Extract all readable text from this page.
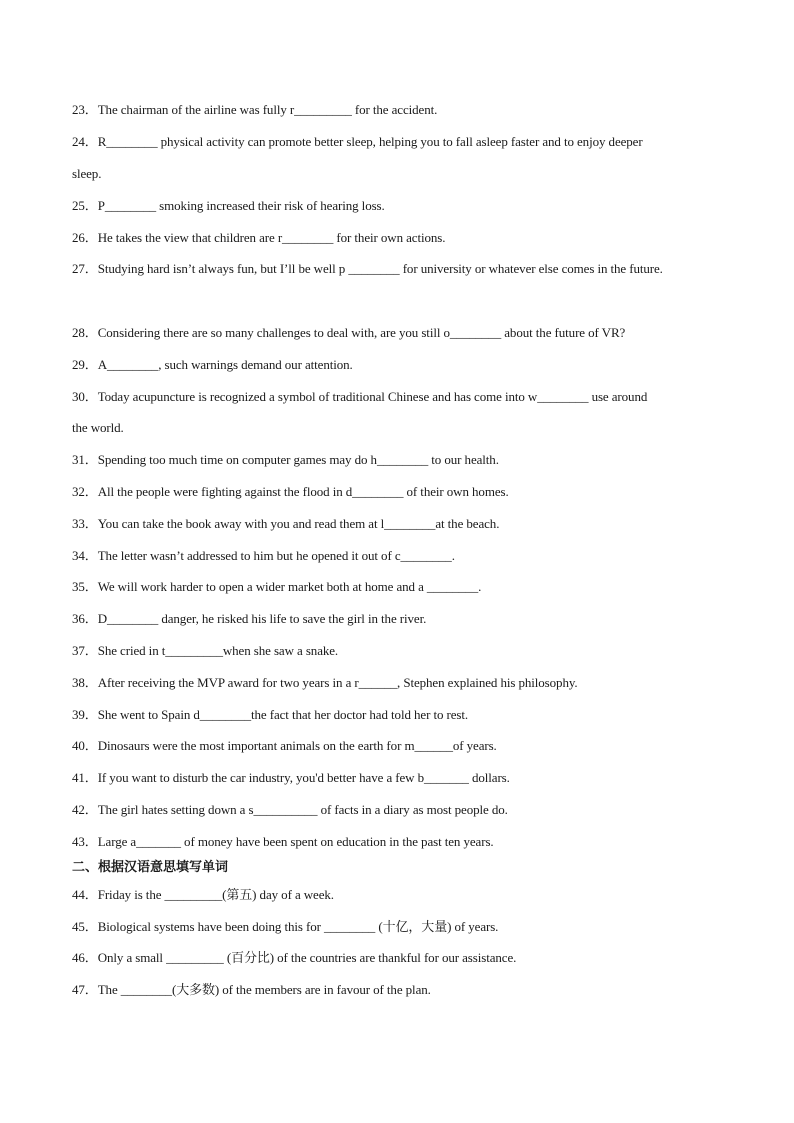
23．The chairman of the airline was fully r_________ for the accident.
24．R________ physical activity can promote better sleep, helping you to fall asleep faster and to enjoy deeper
sleep.
25．P________ smoking increased their risk of hearing loss.
26．He takes the view that children are r________ for their own actions.
27．Studying hard isn’t always fun, but I’ll be well p ________ for university or whatever else comes in the future.
28．Considering there are so many challenges to deal with, are you still o________ about the future of VR?
29．A________, such warnings demand our attention.
30．Today acupuncture is recognized a symbol of traditional Chinese and has come into w________ use around
the world.
31．Spending too much time on computer games may do h________ to our health.
32．All the people were fighting against the flood in d________ of their own homes.
33．You can take the book away with you and read them at l________at the beach.
34．The letter wasn’t addressed to him but he opened it out of c________.
35．We will work harder to open a wider market both at home and a ________.
36．D________ danger, he risked his life to save the girl in the river.
37．She cried in t_________when she saw a snake.
38．After receiving the MVP award for two years in a r______, Stephen explained his philosophy.
39．She went to Spain d________the fact that her doctor had told her to rest.
40．Dinosaurs were the most important animals on the earth for m______of years.
41．If you want to disturb the car industry, you'd better have a few b_______ dollars.
42．The girl hates setting down a s__________ of facts in a diary as most people do.
43．Large a_______ of money have been spent on education in the past ten years.
二、根据汉语意思填写单词
44．Friday is the _________(第五) day of a week.
45．Biological systems have been doing this for ________ (十亿，大量) of years.
46．Only a small _________ (百分比) of the countries are thankful for our assistance.
47．The ________(大多数) of the members are in favour of the plan.
